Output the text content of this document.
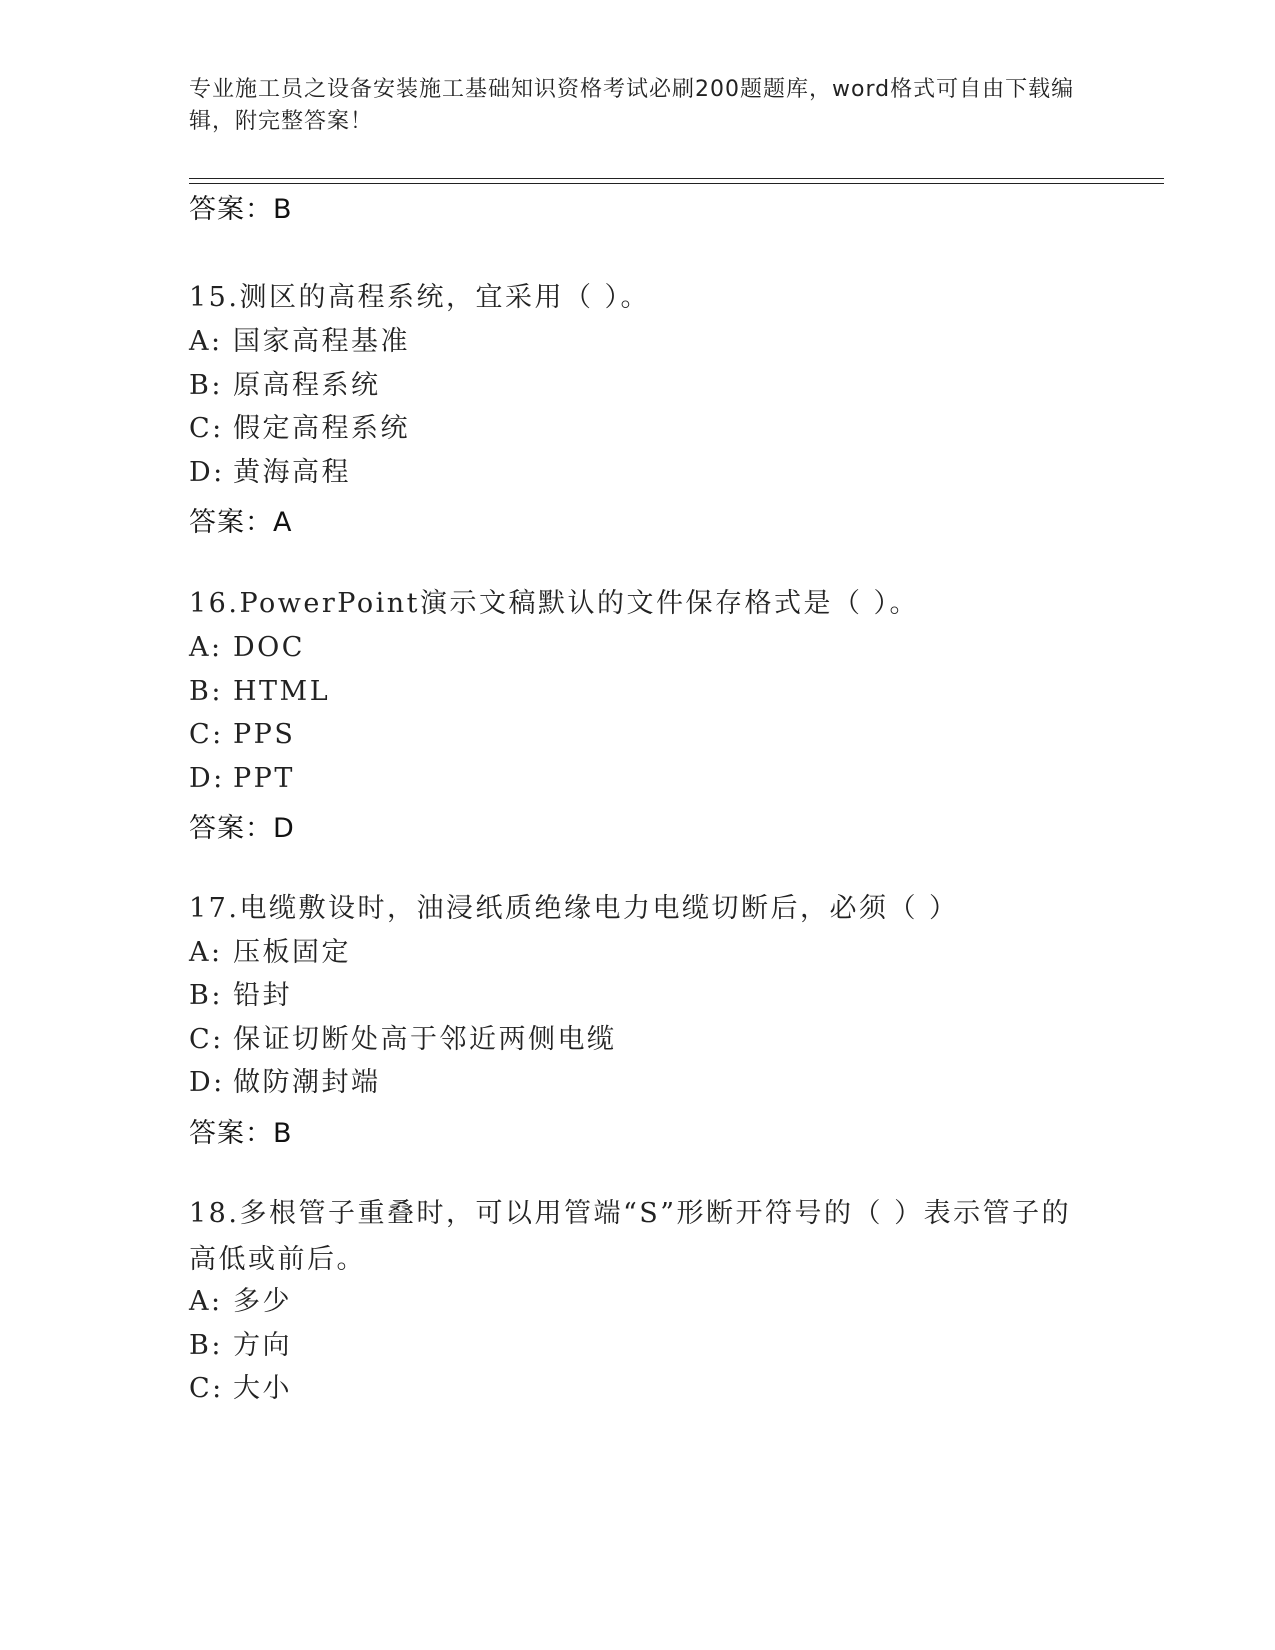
专业施工员之设备安装施工基础知识资格考试必刷200题题库，word格式可自由下载编辑，附完整答案！
答案：B
15.测区的高程系统，宜采用（ ）。
A: 国家高程基准
B: 原高程系统
C: 假定高程系统
D: 黄海高程
答案：A
16.PowerPoint演示文稿默认的文件保存格式是（ ）。
A: DOC
B: HTML
C: PPS
D: PPT
答案：D
17.电缆敷设时，油浸纸质绝缘电力电缆切断后，必须（ ）
A: 压板固定
B: 铅封
C: 保证切断处高于邻近两侧电缆
D: 做防潮封端
答案：B
18.多根管子重叠时，可以用管端“S”形断开符号的（ ）表示管子的高低或前后。
A: 多少
B: 方向
C: 大小
